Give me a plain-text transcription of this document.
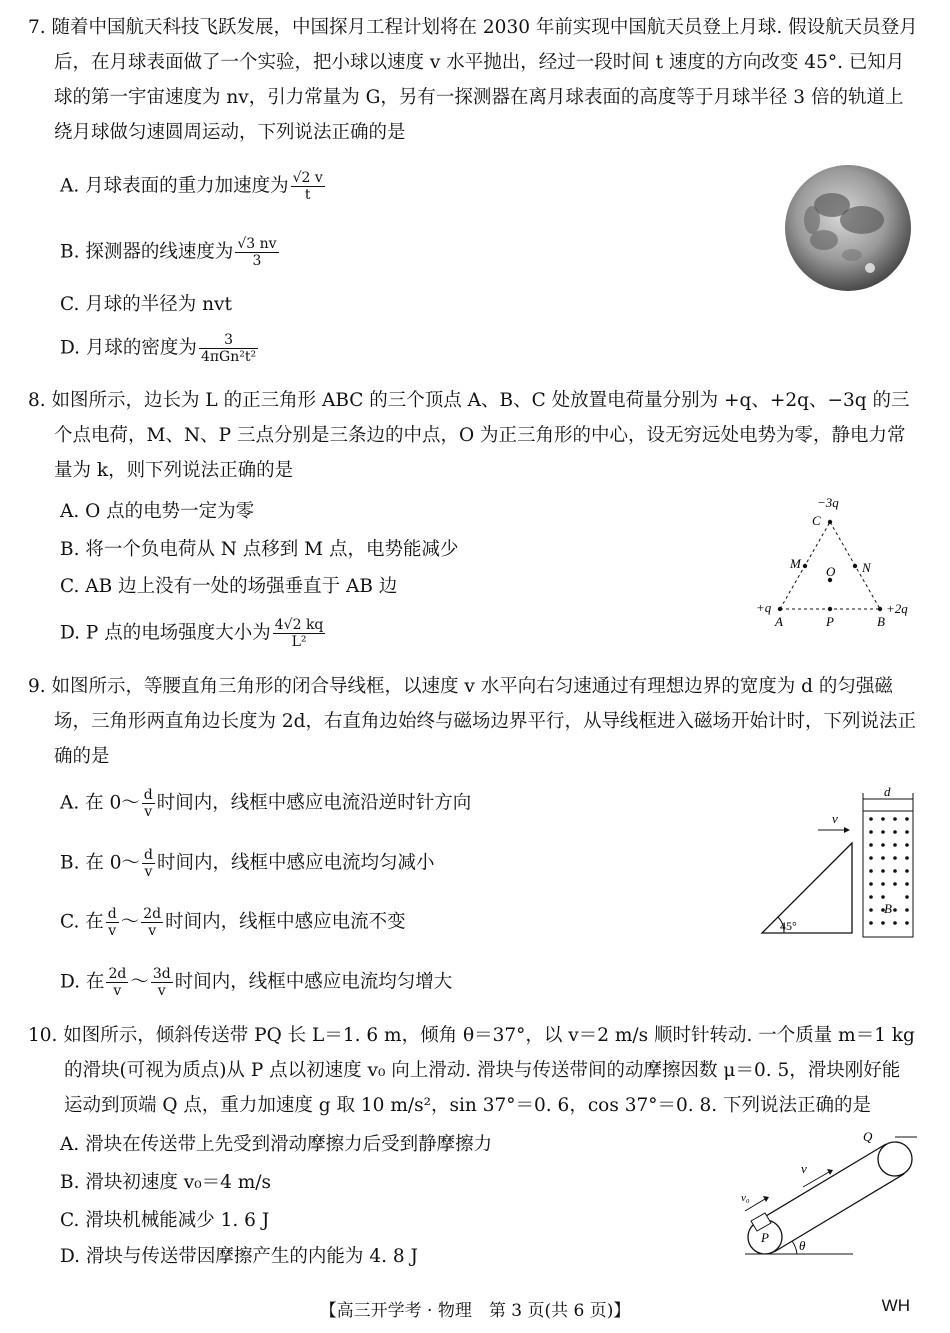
7. 随着中国航天科技飞跃发展，中国探月工程计划将在 2030 年前实现中国航天员登上月球. 假设航天员登月后，在月球表面做了一个实验，把小球以速度 v 水平抛出，经过一段时间 t 速度的方向改变 45°. 已知月球的第一宇宙速度为 nv，引力常量为 G，另有一探测器在离月球表面的高度等于月球半径 3 倍的轨道上绕月球做匀速圆周运动，下列说法正确的是

A. 月球表面的重力加速度为 $\frac{√2 v}{t}$
B. 探测器的线速度为 $\frac{√3 nv}{3}$
C. 月球的半径为 nvt
D. 月球的密度为 $\frac{3}{\text{4πGn²t²}}$

8. 如图所示，边长为 L 的正三角形 ABC 的三个顶点 A、B、C 处放置电荷量分别为 +q、+2q、−3q 的三个点电荷，M、N、P 三点分别是三条边的中点，O 为正三角形的中心，设无穷远处电势为零，静电力常量为 k，则下列说法正确的是

A. O 点的电势一定为零
B. 将一个负电荷从 N 点移到 M 点，电势能减少
C. AB 边上没有一处的场强垂直于 AB 边
D. P 点的电场强度大小为 $\frac{4√2 kq}{\text{L²}}$
−3q
C
M	N
O
+q	+2q
A	P	B

9. 如图所示，等腰直角三角形的闭合导线框，以速度 v 水平向右匀速通过有理想边界的宽度为 d 的匀强磁场，三角形两直角边长度为 2d，右直角边始终与磁场边界平行，从导线框进入磁场开始计时，下列说法正确的是

A. 在 0～ $\frac{d}{v}$ 时间内，线框中感应电流沿逆时针方向
B. 在 0～ $\frac{d}{v}$ 时间内，线框中感应电流均匀减小
C. 在 $\frac{d}{v}$ ～ $\frac{2d}{v}$ 时间内，线框中感应电流不变
D. 在 $\frac{2d}{v}$ ～ $\frac{3d}{v}$ 时间内，线框中感应电流均匀增大
45°
v
d
B

10. 如图所示，倾斜传送带 PQ 长 L＝1. 6 m，倾角 θ＝37°，以 v＝2 m/s 顺时针转动. 一个质量 m＝1 kg 的滑块(可视为质点)从 P 点以初速度 v₀ 向上滑动. 滑块与传送带间的动摩擦因数 μ＝0. 5，滑块刚好能运动到顶端 Q 点，重力加速度 g 取 10 m/s²，sin 37°＝0. 6，cos 37°＝0. 8. 下列说法正确的是

A. 滑块在传送带上先受到滑动摩擦力后受到静摩擦力
B. 滑块初速度 v₀＝4 m/s
C. 滑块机械能减少 1. 6 J
D. 滑块与传送带因摩擦产生的内能为 4. 8 J
θ
v₀
v
P
Q
【高三开学考 · 物理　第 3 页(共 6 页)】	WH
